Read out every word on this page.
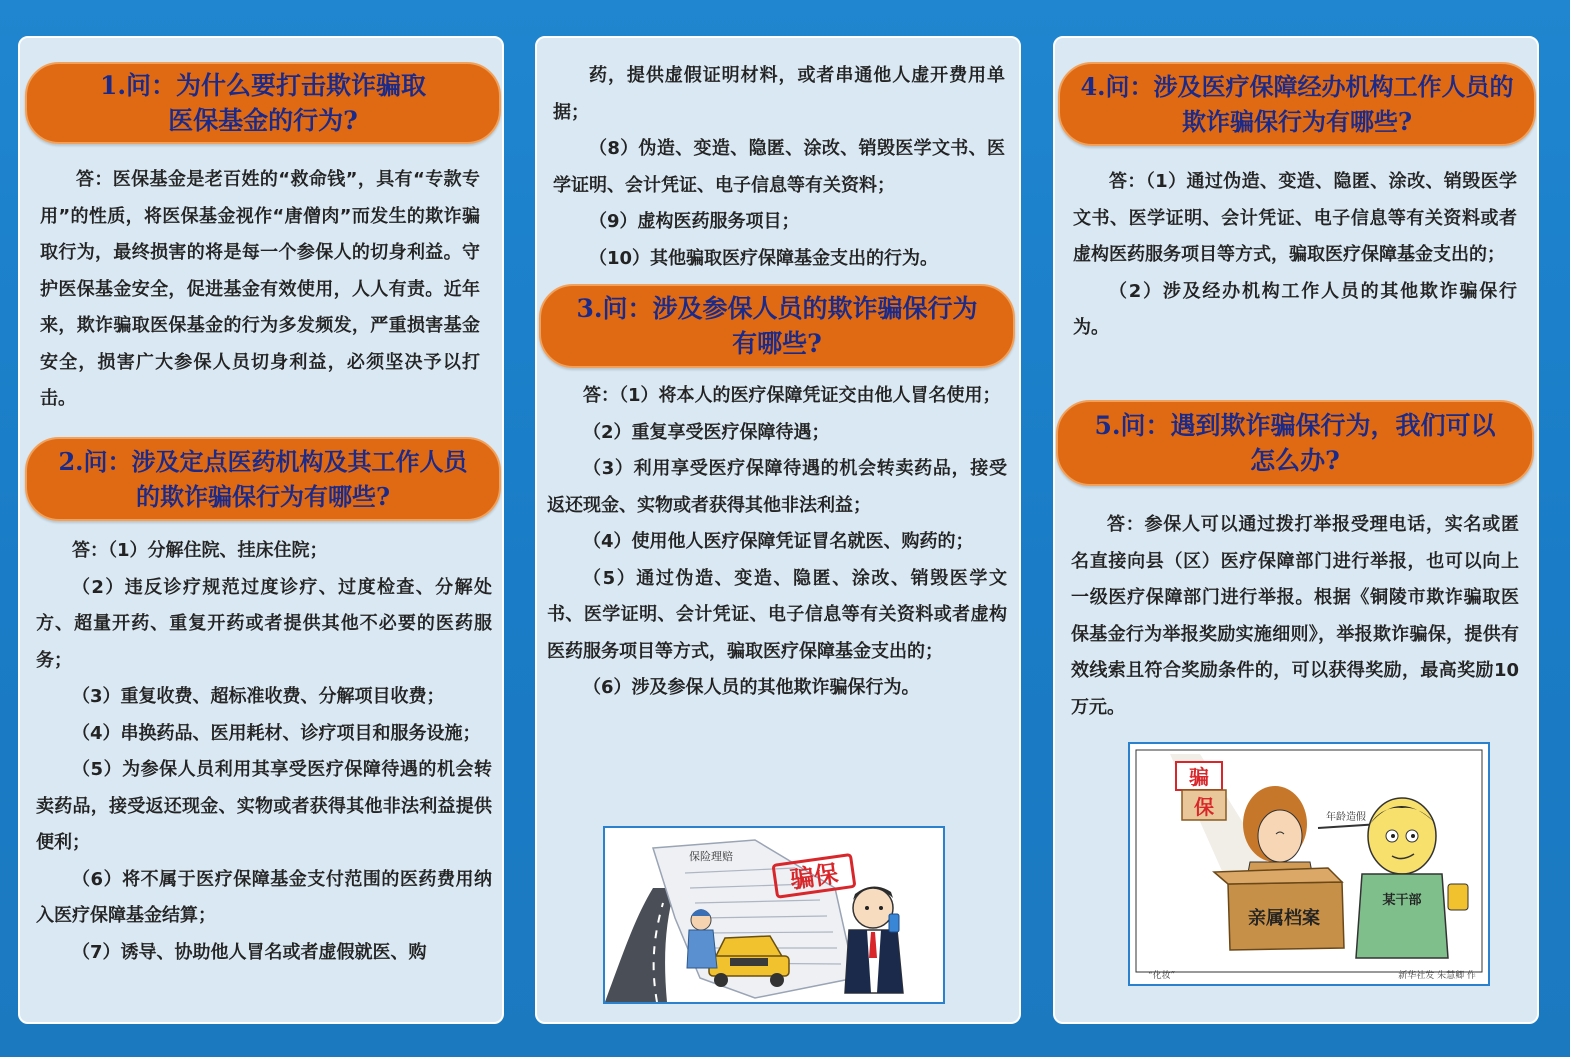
1.问：为什么要打击欺诈骗取
医保基金的行为?

答：医保基金是老百姓的“救命钱”，具有“专款专用”的性质，将医保基金视作“唐僧肉”而发生的欺诈骗取行为，最终损害的将是每一个参保人的切身利益。守护医保基金安全，促进基金有效使用，人人有责。近年来，欺诈骗取医保基金的行为多发频发，严重损害基金安全，损害广大参保人员切身利益，必须坚决予以打击。

2.问：涉及定点医药机构及其工作人员
的欺诈骗保行为有哪些?

答：（1）分解住院、挂床住院；

（2）违反诊疗规范过度诊疗、过度检查、分解处方、超量开药、重复开药或者提供其他不必要的医药服务；

（3）重复收费、超标准收费、分解项目收费；

（4）串换药品、医用耗材、诊疗项目和服务设施；

（5）为参保人员利用其享受医疗保障待遇的机会转卖药品，接受返还现金、实物或者获得其他非法利益提供便利；

（6）将不属于医疗保障基金支付范围的医药费用纳入医疗保障基金结算；

（7）诱导、协助他人冒名或者虚假就医、购

药，提供虚假证明材料，或者串通他人虚开费用单据；

（8）伪造、变造、隐匿、涂改、销毁医学文书、医学证明、会计凭证、电子信息等有关资料；

（9）虚构医药服务项目；

（10）其他骗取医疗保障基金支出的行为。

3.问：涉及参保人员的欺诈骗保行为
有哪些?

答：（1）将本人的医疗保障凭证交由他人冒名使用；

（2）重复享受医疗保障待遇；

（3）利用享受医疗保障待遇的机会转卖药品，接受返还现金、实物或者获得其他非法利益；

（4）使用他人医疗保障凭证冒名就医、购药的；

（5）通过伪造、变造、隐匿、涂改、销毁医学文书、医学证明、会计凭证、电子信息等有关资料或者虚构医药服务项目等方式，骗取医疗保障基金支出的；

（6）涉及参保人员的其他欺诈骗保行为。

保险理赔
骗保
4.问：涉及医疗保障经办机构工作人员的
欺诈骗保行为有哪些?

答：（1）通过伪造、变造、隐匿、涂改、销毁医学文书、医学证明、会计凭证、电子信息等有关资料或者虚构医药服务项目等方式，骗取医疗保障基金支出的；

（2）涉及经办机构工作人员的其他欺诈骗保行为。

5.问：遇到欺诈骗保行为，我们可以
怎么办?

答：参保人可以通过拨打举报受理电话，实名或匿名直接向县（区）医疗保障部门进行举报，也可以向上一级医疗保障部门进行举报。根据《铜陵市欺诈骗取医保基金行为举报奖励实施细则》，举报欺诈骗保，提供有效线索且符合奖励条件的，可以获得奖励，最高奖励10万元。

骗
保
亲属档案
年龄造假
某干部
“化妆”	新华社发 朱慧卿 作
